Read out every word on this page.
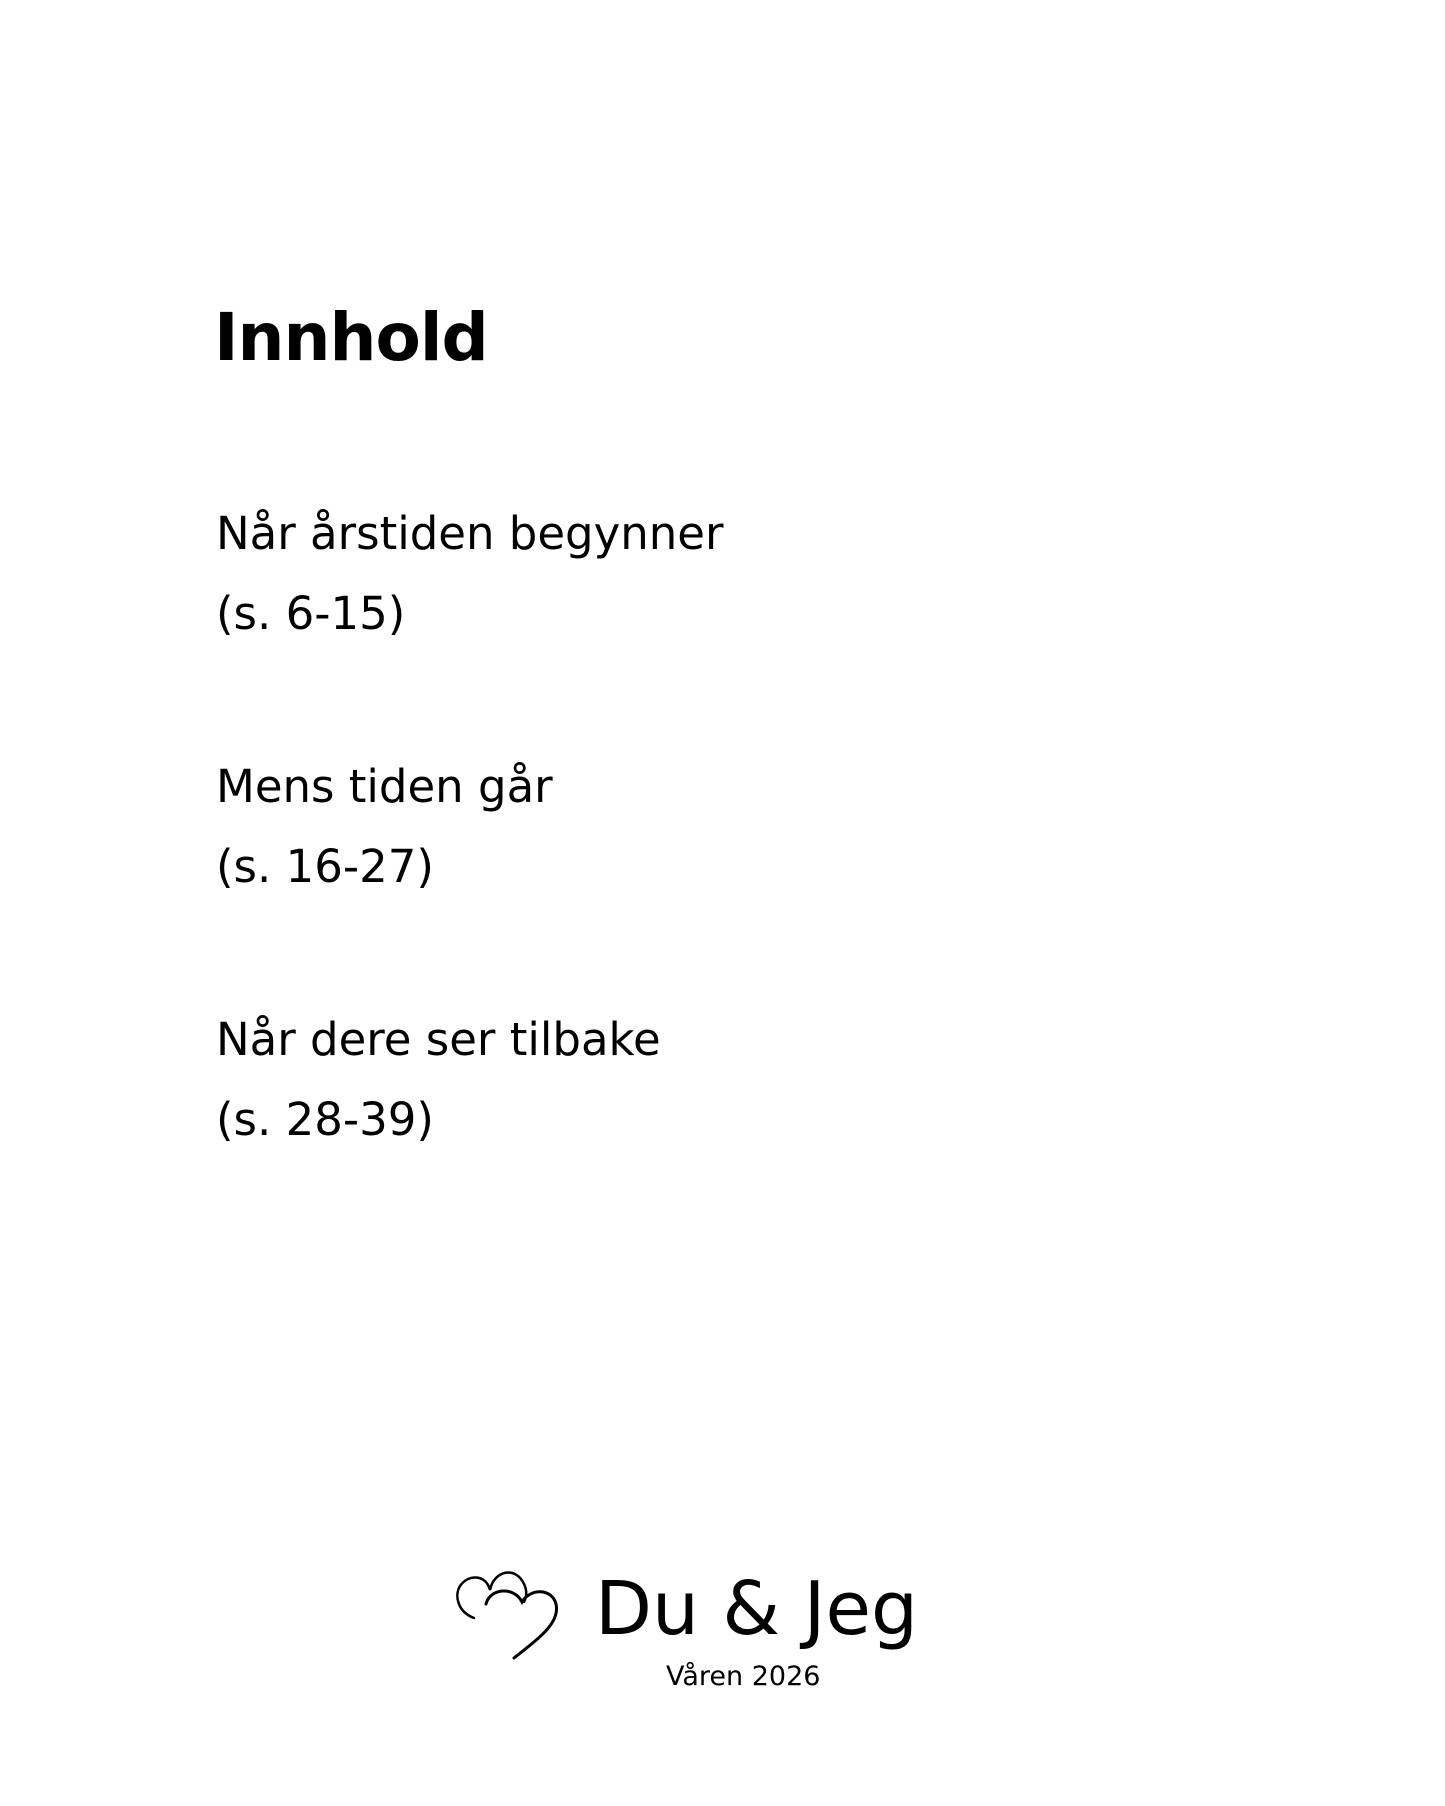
Innhold
Når årstiden begynner
(s. 6-15)
Mens tiden går
(s. 16-27)
Når dere ser tilbake
(s. 28-39)
Du & Jeg
Våren 2026
